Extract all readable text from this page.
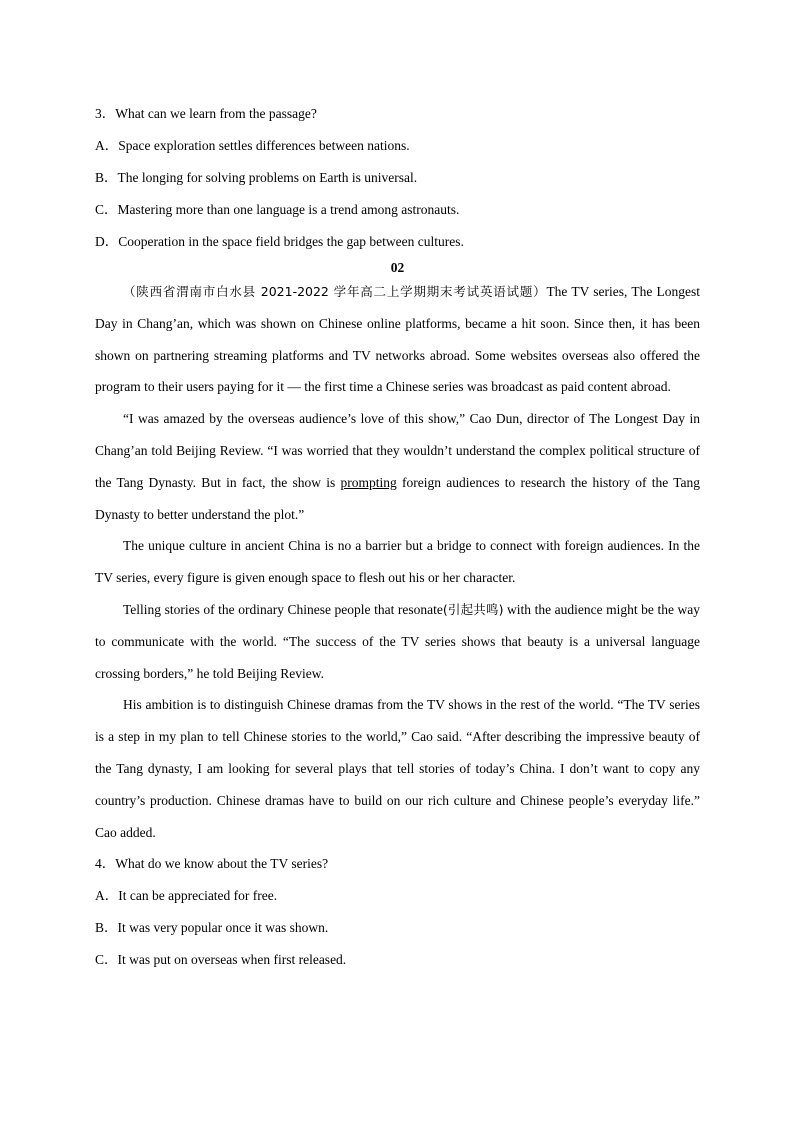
3．What can we learn from the passage?

A．Space exploration settles differences between nations.

B．The longing for solving problems on Earth is universal.

C．Mastering more than one language is a trend among astronauts.

D．Cooperation in the space field bridges the gap between cultures.

02

（陕西省渭南市白水县 2021-2022 学年高二上学期期末考试英语试题）The TV series, The Longest Day in Chang’an, which was shown on Chinese online platforms, became a hit soon. Since then, it has been shown on partnering streaming platforms and TV networks abroad. Some websites overseas also offered the program to their users paying for it — the first time a Chinese series was broadcast as paid content abroad.

“I was amazed by the overseas audience’s love of this show,” Cao Dun, director of The Longest Day in Chang’an told Beijing Review. “I was worried that they wouldn’t understand the complex political structure of the Tang Dynasty. But in fact, the show is prompting foreign audiences to research the history of the Tang Dynasty to better understand the plot.”

The unique culture in ancient China is no a barrier but a bridge to connect with foreign audiences. In the TV series, every figure is given enough space to flesh out his or her character.

Telling stories of the ordinary Chinese people that resonate(引起共鸣) with the audience might be the way to communicate with the world. “The success of the TV series shows that beauty is a universal language crossing borders,” he told Beijing Review.

His ambition is to distinguish Chinese dramas from the TV shows in the rest of the world. “The TV series is a step in my plan to tell Chinese stories to the world,” Cao said. “After describing the impressive beauty of the Tang dynasty, I am looking for several plays that tell stories of today’s China. I don’t want to copy any country’s production. Chinese dramas have to build on our rich culture and Chinese people’s everyday life.” Cao added.

4．What do we know about the TV series?

A．It can be appreciated for free.

B．It was very popular once it was shown.

C．It was put on overseas when first released.
